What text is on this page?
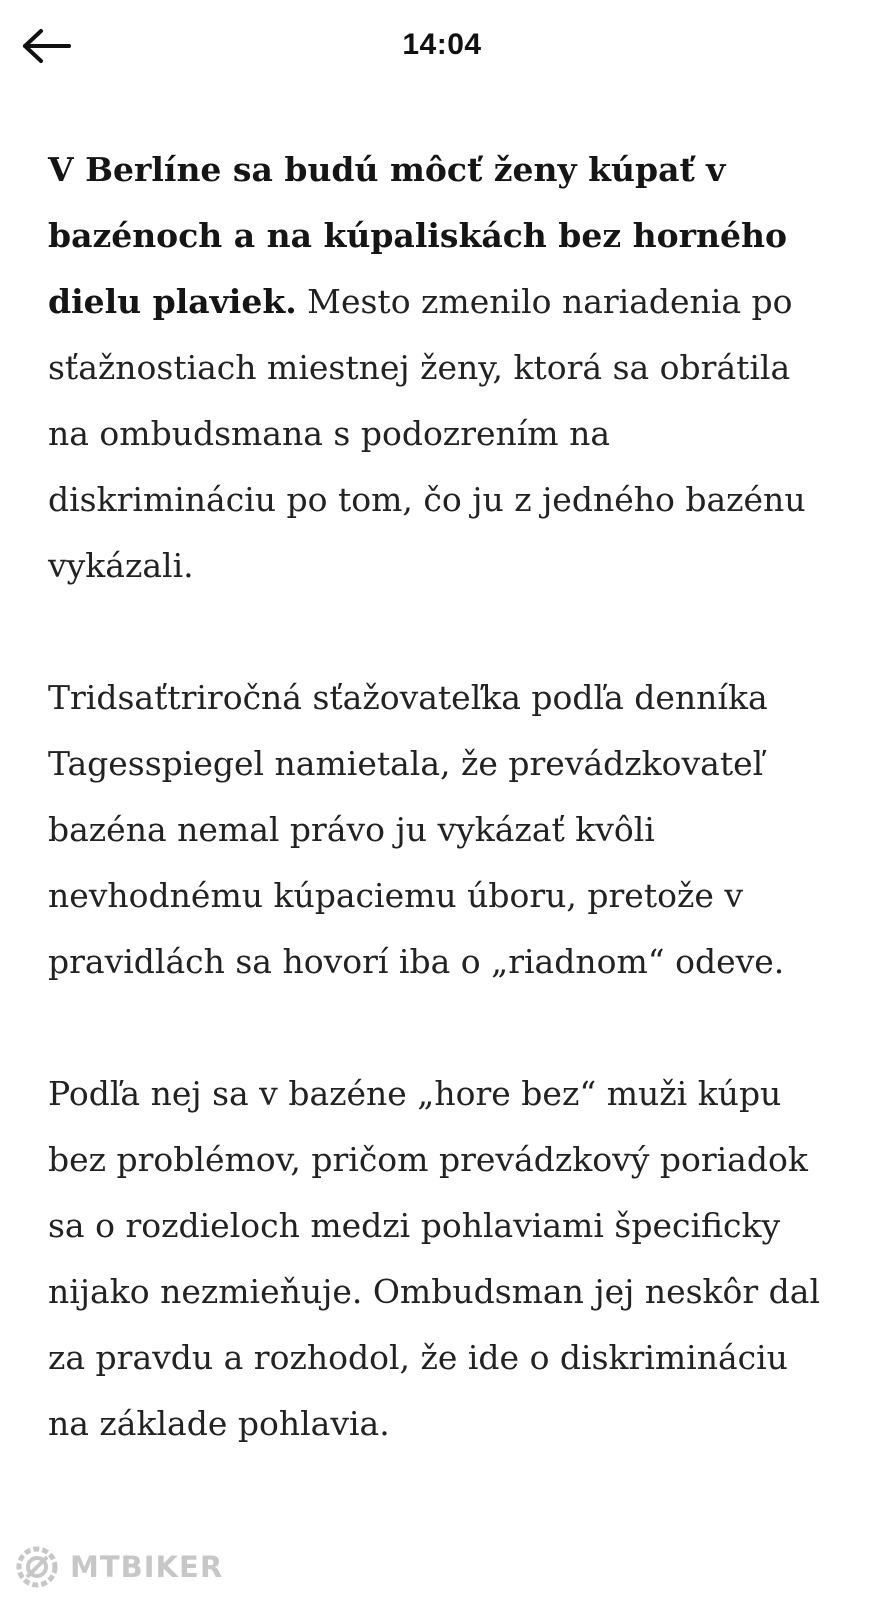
14:04

V Berlíne sa budú môcť ženy kúpať v bazénoch a na kúpaliskách bez horného dielu plaviek. Mesto zmenilo nariadenia po sťažnostiach miestnej ženy, ktorá sa obrátila na ombudsmana s podozrením na diskrimináciu po tom, čo ju z jedného bazénu vykázali.

Tridsaťtriročná sťažovateľka podľa denníka Tagesspiegel namietala, že prevádzkovateľ bazéna nemal právo ju vykázať kvôli nevhodnému kúpaciemu úboru, pretože v pravidlách sa hovorí iba o „riadnom“ odeve.

Podľa nej sa v bazéne „hore bez“ muži kúpu bez problémov, pričom prevádzkový poriadok sa o rozdieloch medzi pohlaviami špecificky nijako nezmieňuje. Ombudsman jej neskôr dal za pravdu a rozhodol, že ide o diskrimináciu na základe pohlavia.

MTBIKER
